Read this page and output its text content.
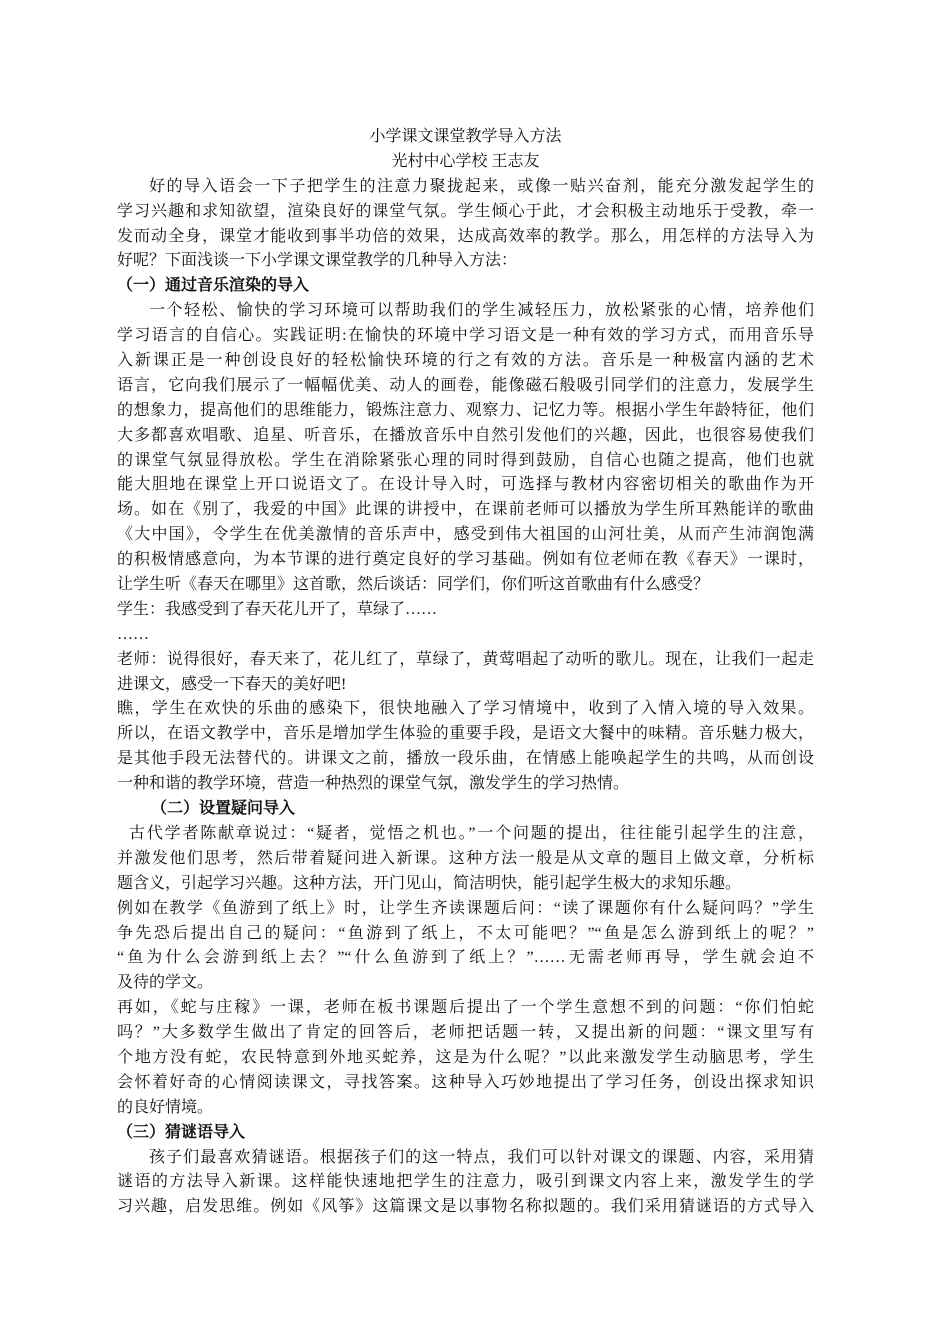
小学课文课堂教学导入方法
光村中心学校 王志友
好的导入语会一下子把学生的注意力聚拢起来，或像一贴兴奋剂，能充分激发起学生的
学习兴趣和求知欲望，渲染良好的课堂气氛。学生倾心于此，才会积极主动地乐于受教，牵一
发而动全身，课堂才能收到事半功倍的效果，达成高效率的教学。那么，用怎样的方法导入为
好呢？下面浅谈一下小学课文课堂教学的几种导入方法：
（一）通过音乐渲染的导入
一个轻松、愉快的学习环境可以帮助我们的学生减轻压力，放松紧张的心情，培养他们
学习语言的自信心。实践证明:在愉快的环境中学习语文是一种有效的学习方式，而用音乐导
入新课正是一种创设良好的轻松愉快环境的行之有效的方法。音乐是一种极富内涵的艺术
语言，它向我们展示了一幅幅优美、动人的画卷，能像磁石般吸引同学们的注意力，发展学生
的想象力，提高他们的思维能力，锻炼注意力、观察力、记忆力等。根据小学生年龄特征，他们
大多都喜欢唱歌、追星、听音乐，在播放音乐中自然引发他们的兴趣，因此，也很容易使我们
的课堂气氛显得放松。学生在消除紧张心理的同时得到鼓励，自信心也随之提高，他们也就
能大胆地在课堂上开口说语文了。在设计导入时，可选择与教材内容密切相关的歌曲作为开
场。如在《别了，我爱的中国》此课的讲授中，在课前老师可以播放为学生所耳熟能详的歌曲
《大中国》，令学生在优美激情的音乐声中，感受到伟大祖国的山河壮美，从而产生沛润饱满
的积极情感意向，为本节课的进行奠定良好的学习基础。例如有位老师在教《春天》一课时，
让学生听《春天在哪里》这首歌，然后谈话：同学们，你们听这首歌曲有什么感受？
学生：我感受到了春天花儿开了，草绿了……
……
老师：说得很好，春天来了，花儿红了，草绿了，黄莺唱起了动听的歌儿。现在，让我们一起走
进课文，感受一下春天的美好吧!
瞧，学生在欢快的乐曲的感染下，很快地融入了学习情境中，收到了入情入境的导入效果。
所以，在语文教学中，音乐是增加学生体验的重要手段，是语文大餐中的味精。音乐魅力极大，
是其他手段无法替代的。讲课文之前，播放一段乐曲，在情感上能唤起学生的共鸣，从而创设
一种和谐的教学环境，营造一种热烈的课堂气氛，激发学生的学习热情。
（二）设置疑问导入
古代学者陈献章说过：“疑者，觉悟之机也。”一个问题的提出，往往能引起学生的注意，
并激发他们思考，然后带着疑问进入新课。这种方法一般是从文章的题目上做文章，分析标
题含义，引起学习兴趣。这种方法，开门见山，简洁明快，能引起学生极大的求知乐趣。
例如在教学《鱼游到了纸上》时，让学生齐读课题后问：“读了课题你有什么疑问吗？”学生
争先恐后提出自己的疑问：“鱼游到了纸上，不太可能吧？”“鱼是怎么游到纸上的呢？”
“鱼为什么会游到纸上去？”“什么鱼游到了纸上？”……无需老师再导，学生就会迫不
及待的学文。
再如，《蛇与庄稼》一课，老师在板书课题后提出了一个学生意想不到的问题：“你们怕蛇
吗？”大多数学生做出了肯定的回答后，老师把话题一转，又提出新的问题：“课文里写有
个地方没有蛇，农民特意到外地买蛇养，这是为什么呢？”以此来激发学生动脑思考，学生
会怀着好奇的心情阅读课文，寻找答案。这种导入巧妙地提出了学习任务，创设出探求知识
的良好情境。
（三）猜谜语导入
孩子们最喜欢猜谜语。根据孩子们的这一特点，我们可以针对课文的课题、内容，采用猜
谜语的方法导入新课。这样能快速地把学生的注意力，吸引到课文内容上来，激发学生的学
习兴趣，启发思维。例如《风筝》这篇课文是以事物名称拟题的。我们采用猜谜语的方式导入
